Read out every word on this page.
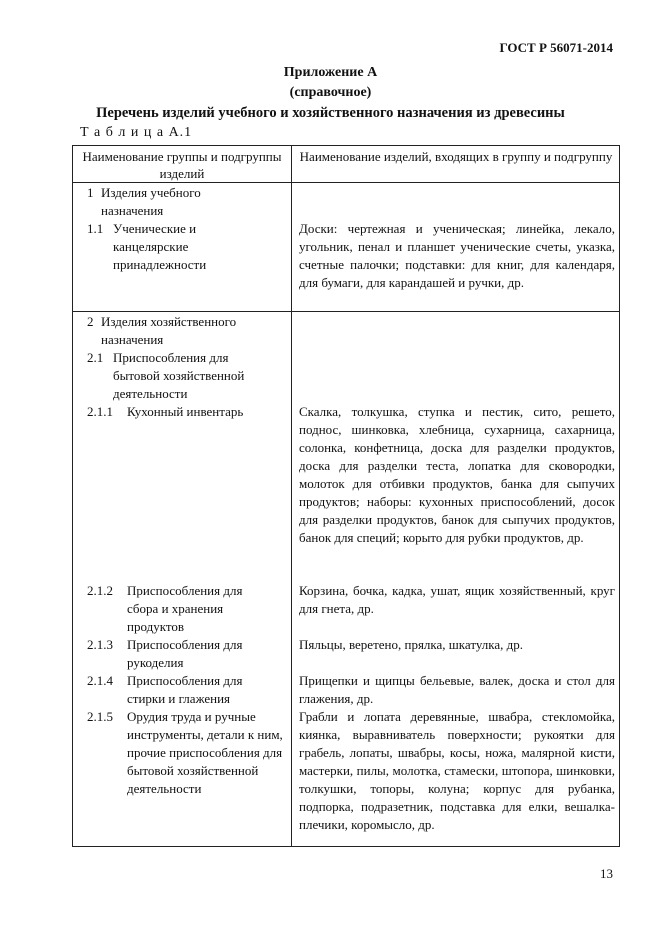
ГОСТ Р 56071-2014
Приложение А
(справочное)
Перечень изделий учебного и хозяйственного назначения из древесины
Т а б л и ц а А.1
Наименование группы и подгруппы изделий
Наименование изделий, входящих в группу и подгруппу
1 Изделия учебного назначения
1.1 Ученические и канцелярские принадлежности
Доски: чертежная и ученическая; линейка, лекало, угольник, пенал и планшет ученические счеты, указка, счетные палочки; подставки: для книг, для календаря, для бумаги, для карандашей и ручки, др.
2 Изделия хозяйственного назначения
2.1 Приспособления для бытовой хозяйственной деятельности
2.1.1 Кухонный инвентарь
2.1.2 Приспособления для сбора и хранения продуктов
2.1.3 Приспособления для рукоделия
2.1.4 Приспособления для стирки и глажения
2.1.5 Орудия труда и ручные инструменты, детали к ним, прочие приспособления для бытовой хозяйственной деятельности
Скалка, толкушка, ступка и пестик, сито, решето, поднос, шинковка, хлебница, сухарница, сахарница, солонка, конфетница, доска для разделки продуктов, доска для разделки теста, лопатка для сковородки, молоток для отбивки продуктов, банка для сыпучих продуктов; наборы: кухонных приспособлений, досок для разделки продуктов, банок для сыпучих продуктов, банок для специй; корыто для рубки продуктов, др.
Корзина, бочка, кадка, ушат, ящик хозяйственный, круг для гнета, др.
Пяльцы, веретено, прялка, шкатулка, др.
Прищепки и щипцы бельевые, валек, доска и стол для глажения, др.
Грабли и лопата деревянные, швабра, стекломойка, киянка, выравниватель поверхности; рукоятки для грабель, лопаты, швабры, косы, ножа, малярной кисти, мастерки, пилы, молотка, стамески, штопора, шинковки, толкушки, топоры, колуна; корпус для рубанка, подпорка, подразетник, подставка для елки, вешалка-плечики, коромысло, др.
13
